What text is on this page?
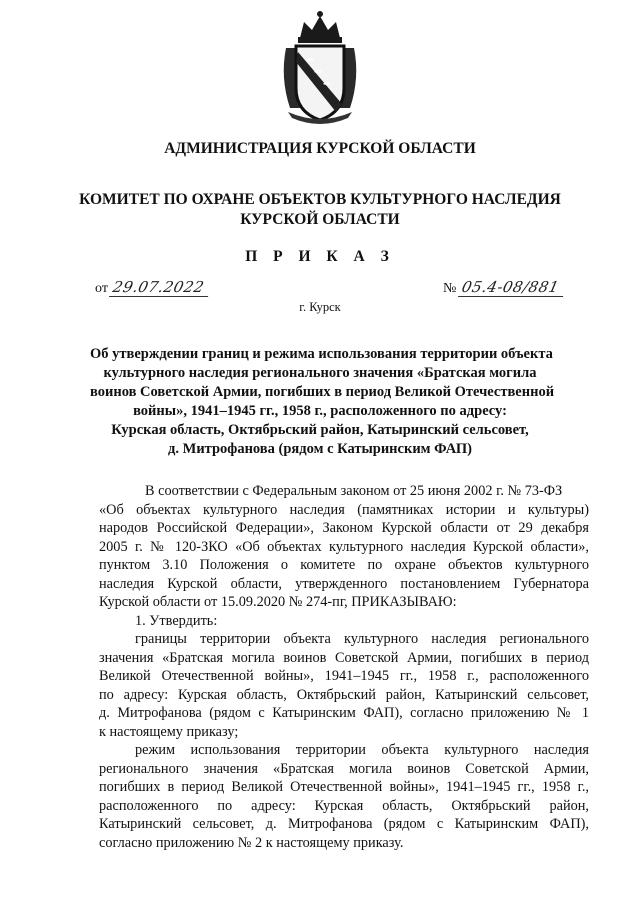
АДМИНИСТРАЦИЯ КУРСКОЙ ОБЛАСТИ
КОМИТЕТ ПО ОХРАНЕ ОБЪЕКТОВ КУЛЬТУРНОГО НАСЛЕДИЯ
КУРСКОЙ ОБЛАСТИ
П Р И К А З
от 29.07.2022	№ 05.4-08/881
г. Курск
Об утверждении границ и режима использования территории объекта
культурного наследия регионального значения «Братская могила
воинов Советской Армии, погибших в период Великой Отечественной
войны», 1941–1945 гг., 1958 г., расположенного по адресу:
Курская область, Октябрьский район, Катыринский сельсовет,
д. Митрофанова (рядом с Катыринским ФАП)
В соответствии с Федеральным законом от 25 июня 2002 г. № 73-ФЗ
«Об объектах культурного наследия (памятниках истории и культуры)
народов Российской Федерации», Законом Курской области от 29 декабря
2005 г. № 120-ЗКО «Об объектах культурного наследия Курской области»,
пунктом 3.10 Положения о комитете по охране объектов культурного
наследия Курской области, утвержденного постановлением Губернатора
Курской области от 15.09.2020 № 274-пг, ПРИКАЗЫВАЮ:
1. Утвердить:
границы территории объекта культурного наследия регионального
значения «Братская могила воинов Советской Армии, погибших в период
Великой Отечественной войны», 1941–1945 гг., 1958 г., расположенного
по адресу: Курская область, Октябрьский район, Катыринский сельсовет,
д. Митрофанова (рядом с Катыринским ФАП), согласно приложению № 1
к настоящему приказу;
режим использования территории объекта культурного наследия
регионального значения «Братская могила воинов Советской Армии,
погибших в период Великой Отечественной войны», 1941–1945 гг., 1958 г.,
расположенного по адресу: Курская область, Октябрьский район,
Катыринский сельсовет, д. Митрофанова (рядом с Катыринским ФАП),
согласно приложению № 2 к настоящему приказу.
